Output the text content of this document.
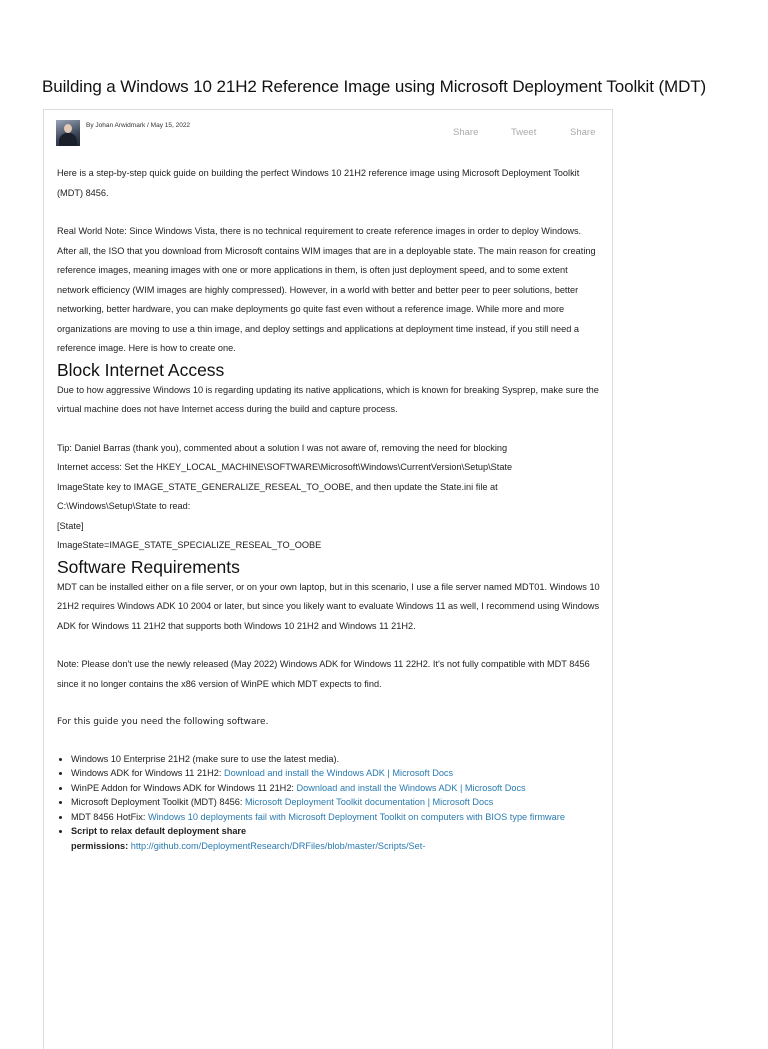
Building a Windows 10 21H2 Reference Image using Microsoft Deployment Toolkit (MDT)
By Johan Arwidmark / May 15, 2022
Share	Tweet	Share

Here is a step-by-step quick guide on building the perfect Windows 10 21H2 reference image using Microsoft Deployment Toolkit (MDT) 8456.

Real World Note: Since Windows Vista, there is no technical requirement to create reference images in order to deploy Windows. After all, the ISO that you download from Microsoft contains WIM images that are in a deployable state. The main reason for creating reference images, meaning images with one or more applications in them, is often just deployment speed, and to some extent network efficiency (WIM images are highly compressed). However, in a world with better and better peer to peer solutions, better networking, better hardware, you can make deployments go quite fast even without a reference image. While more and more organizations are moving to use a thin image, and deploy settings and applications at deployment time instead, if you still need a reference image. Here is how to create one.

Block Internet Access

Due to how aggressive Windows 10 is regarding updating its native applications, which is known for breaking Sysprep, make sure the virtual machine does not have Internet access during the build and capture process.

Tip: Daniel Barras (thank you), commented about a solution I was not aware of, removing the need for blocking
Internet access: Set the HKEY_LOCAL_MACHINE\SOFTWARE\Microsoft\Windows\CurrentVersion\Setup\State
ImageState key to IMAGE_STATE_GENERALIZE_RESEAL_TO_OOBE, and then update the State.ini file at
C:\Windows\Setup\State to read:
[State]
ImageState=IMAGE_STATE_SPECIALIZE_RESEAL_TO_OOBE
Software Requirements

MDT can be installed either on a file server, or on your own laptop, but in this scenario, I use a file server named MDT01. Windows 10 21H2 requires Windows ADK 10 2004 or later, but since you likely want to evaluate Windows 11 as well, I recommend using Windows ADK for Windows 11 21H2 that supports both Windows 10 21H2 and Windows 11 21H2.

Note: Please don't use the newly released (May 2022) Windows ADK for Windows 11 22H2. It's not fully compatible with MDT 8456 since it no longer contains the x86 version of WinPE which MDT expects to find.

For this guide you need the following software.

• Windows 10 Enterprise 21H2 (make sure to use the latest media).
• Windows ADK for Windows 11 21H2: Download and install the Windows ADK | Microsoft Docs
• WinPE Addon for Windows ADK for Windows 11 21H2: Download and install the Windows ADK | Microsoft Docs
• Microsoft Deployment Toolkit (MDT) 8456: Microsoft Deployment Toolkit documentation | Microsoft Docs
• MDT 8456 HotFix: Windows 10 deployments fail with Microsoft Deployment Toolkit on computers with BIOS type firmware
• Script to relax default deployment share
permissions: http://github.com/DeploymentResearch/DRFiles/blob/master/Scripts/Set-
